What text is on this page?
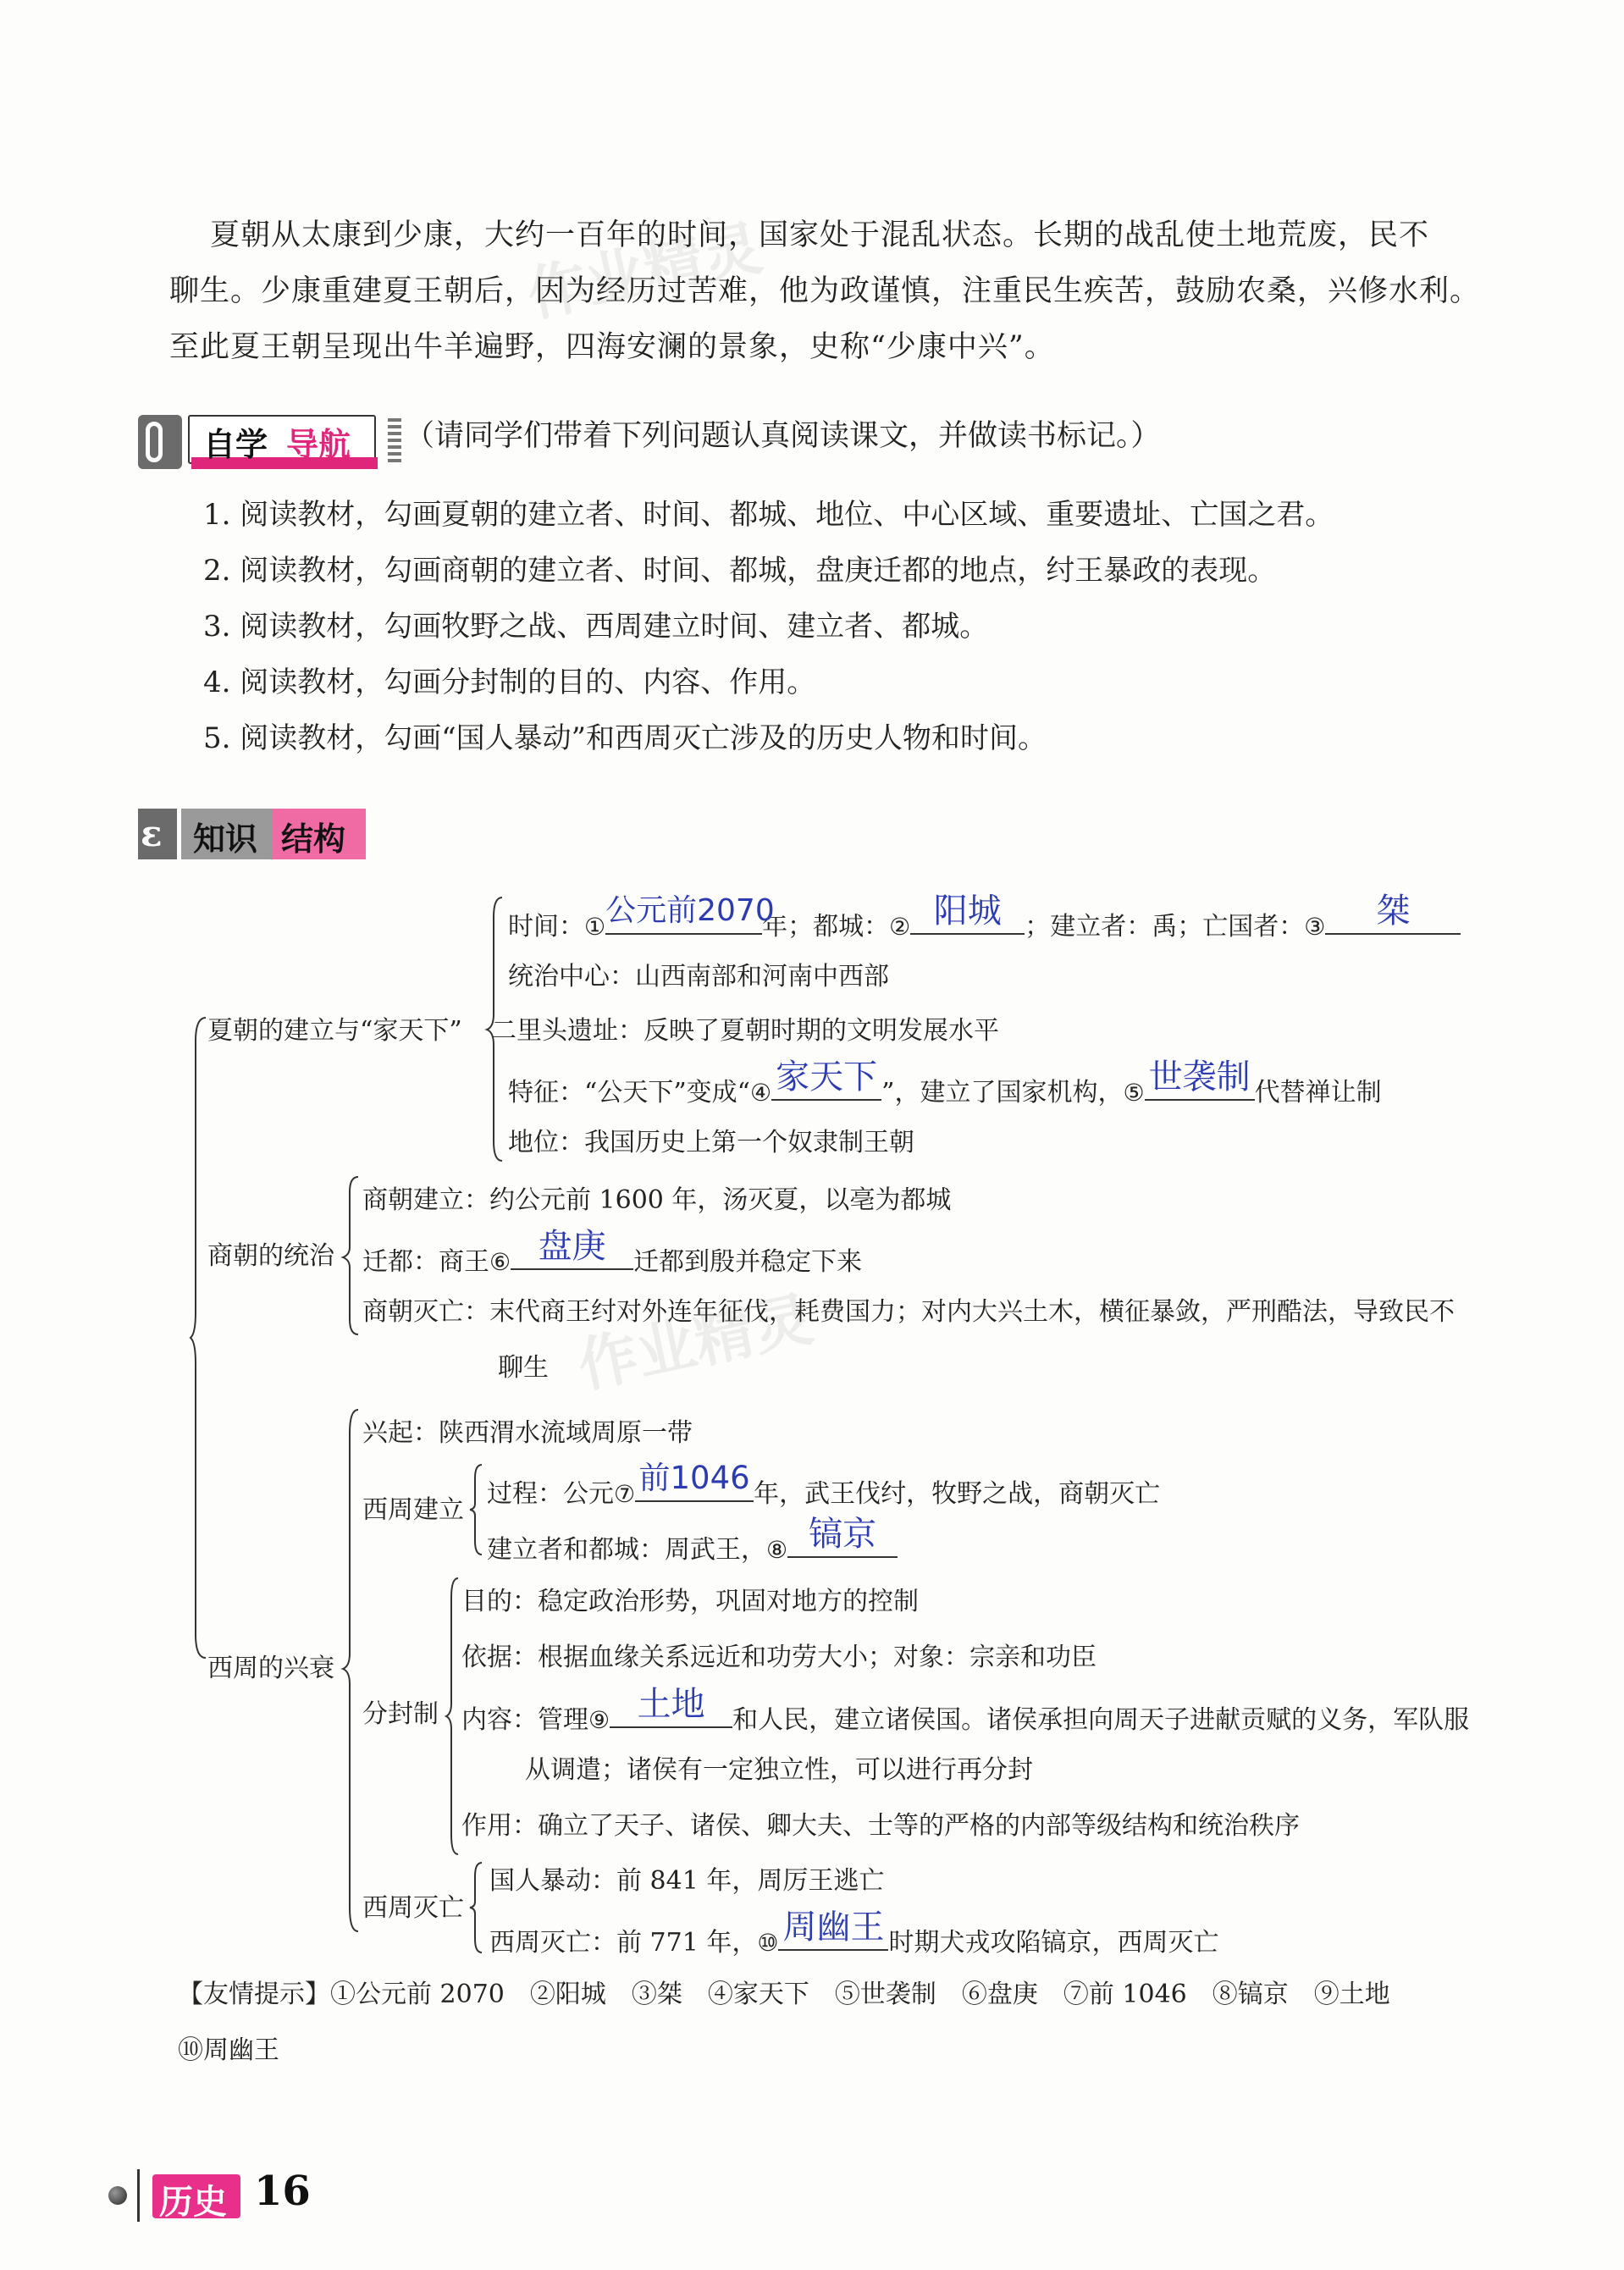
作业精灵
作业精灵
夏朝从太康到少康，大约一百年的时间，国家处于混乱状态。长期的战乱使土地荒废，民不
聊生。少康重建夏王朝后，因为经历过苦难，他为政谨慎，注重民生疾苦，鼓励农桑，兴修水利。
至此夏王朝呈现出牛羊遍野，四海安澜的景象，史称“少康中兴”。
自学 导航 （请同学们带着下列问题认真阅读课文，并做读书标记。）
1. 阅读教材，勾画夏朝的建立者、时间、都城、地位、中心区域、重要遗址、亡国之君。
2. 阅读教材，勾画商朝的建立者、时间、都城，盘庚迁都的地点，纣王暴政的表现。
3. 阅读教材，勾画牧野之战、西周建立时间、建立者、都城。
4. 阅读教材，勾画分封制的目的、内容、作用。
5. 阅读教材，勾画“国人暴动”和西周灭亡涉及的历史人物和时间。
ε 知识 结构
夏朝的建立与“家天下”
时间：① 公元前2070
年；都城：② 阳城 ；建立者：禹；亡国者：③	桀
统治中心：山西南部和河南中西部
二里头遗址：反映了夏朝时期的文明发展水平
特征：“公天下”变成“④ 家天下 ”，建立了国家机构，⑤ 世袭制 代替禅让制
地位：我国历史上第一个奴隶制王朝
商朝的统治
商朝建立：约公元前 1600 年，汤灭夏，以亳为都城
迁都：商王⑥ 盘庚	迁都到殷并稳定下来
商朝灭亡：末代商王纣对外连年征伐，耗费国力；对内大兴土木，横征暴敛，严刑酷法，导致民不
聊生
西周的兴衰
兴起：陕西渭水流域周原一带
西周建立
过程：公元⑦ 前1046 年，武王伐纣，牧野之战，商朝灭亡
建立者和都城：周武王，⑧ 镐京
分封制
目的：稳定政治形势，巩固对地方的控制
依据：根据血缘关系远近和功劳大小；对象：宗亲和功臣
内容：管理⑨ 土地	和人民，建立诸侯国。诸侯承担向周天子进献贡赋的义务，军队服
从调遣；诸侯有一定独立性，可以进行再分封
作用：确立了天子、诸侯、卿大夫、士等的严格的内部等级结构和统治秩序
西周灭亡
国人暴动：前 841 年，周厉王逃亡
西周灭亡：前 771 年，⑩ 周幽王 时期犬戎攻陷镐京，西周灭亡
【友情提示】①公元前 2070　②阳城　③桀　④家天下　⑤世袭制　⑥盘庚　⑦前 1046　⑧镐京　⑨土地
⑩周幽王
历史 16
